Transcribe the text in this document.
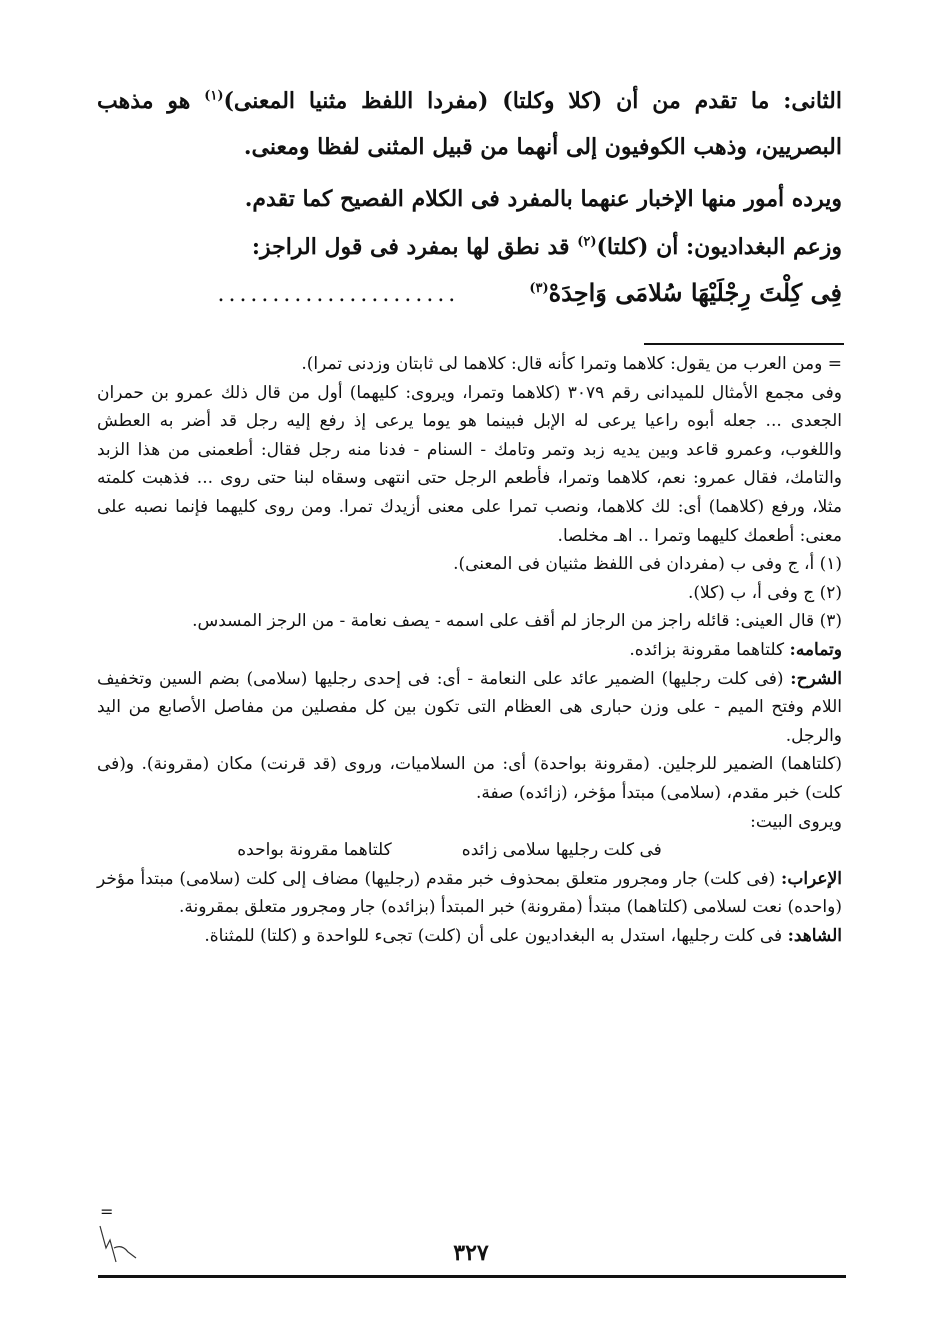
الثانى: ما تقدم من أن (كلا وكلتا) (مفردا اللفظ مثنيا المعنى)$^{(١)}$ هو مذهب البصريين، وذهب الكوفيون إلى أنهما من قبيل المثنى لفظا ومعنى.

ويرده أمور منها الإخبار عنهما بالمفرد فى الكلام الفصيح كما تقدم.

وزعم البغداديون: أن (كلتا)$^{(٢)}$ قد نطق لها بمفرد فى قول الراجز:

فِى كِلْتَ رِجْلَيْهَا سُلامَى وَاحِدَهْ$^{(٣)}$
......................

= ومن العرب من يقول: كلاهما وتمرا كأنه قال: كلاهما لى ثابتان وزدنى تمرا).

وفى مجمع الأمثال للميدانى رقم ٣٠٧٩ (كلاهما وتمرا، ويروى: كليهما) أول من قال ذلك عمرو بن حمران الجعدى ... جعله أبوه راعيا يرعى له الإبل فبينما هو يوما يرعى إذ رفع إليه رجل قد أضر به العطش واللغوب، وعمرو قاعد وبين يديه زبد وتمر وتامك - السنام - فدنا منه رجل فقال: أطعمنى من هذا الزبد والتامك، فقال عمرو: نعم، كلاهما وتمرا، فأطعم الرجل حتى انتهى وسقاه لبنا حتى روى ... فذهبت كلمته مثلا، ورفع (كلاهما) أى: لك كلاهما، ونصب تمرا على معنى أزيدك تمرا. ومن روى كليهما فإنما نصبه على معنى: أطعمك كليهما وتمرا .. اهـ مخلصا.

(١) أ، ج وفى ب (مفردان فى اللفظ مثنيان فى المعنى).

(٢) ج وفى أ، ب (كلا).

(٣) قال العينى: قائله راجز من الرجاز لم أقف على اسمه - يصف نعامة - من الرجز المسدس.

وتمامه: كلتاهما مقرونة بزائده.

الشرح: (فى كلت رجليها) الضمير عائد على النعامة - أى: فى إحدى رجليها (سلامى) بضم السين وتخفيف اللام وفتح الميم - على وزن حبارى هى العظام التى تكون بين كل مفصلين من مفاصل الأصابع من اليد والرجل.

(كلتاهما) الضمير للرجلين. (مقرونة بواحدة) أى: من السلاميات، وروى (قد قرنت) مكان (مقرونة). و(فى كلت) خبر مقدم، (سلامى) مبتدأ مؤخر، (زائده) صفة.

ويروى البيت:

فى كلت رجليها سلامى زائده
كلتاهما مقرونة بواحده

الإعراب: (فى كلت) جار ومجرور متعلق بمحذوف خبر مقدم (رجليها) مضاف إلى كلت (سلامى) مبتدأ مؤخر (واحده) نعت لسلامى (كلتاهما) مبتدأ (مقرونة) خبر المبتدأ (بزائده) جار ومجرور متعلق بمقرونة.

الشاهد: فى كلت رجليها، استدل به البغداديون على أن (كلت) تجىء للواحدة و (كلتا) للمثناة.

=
٣٢٧
